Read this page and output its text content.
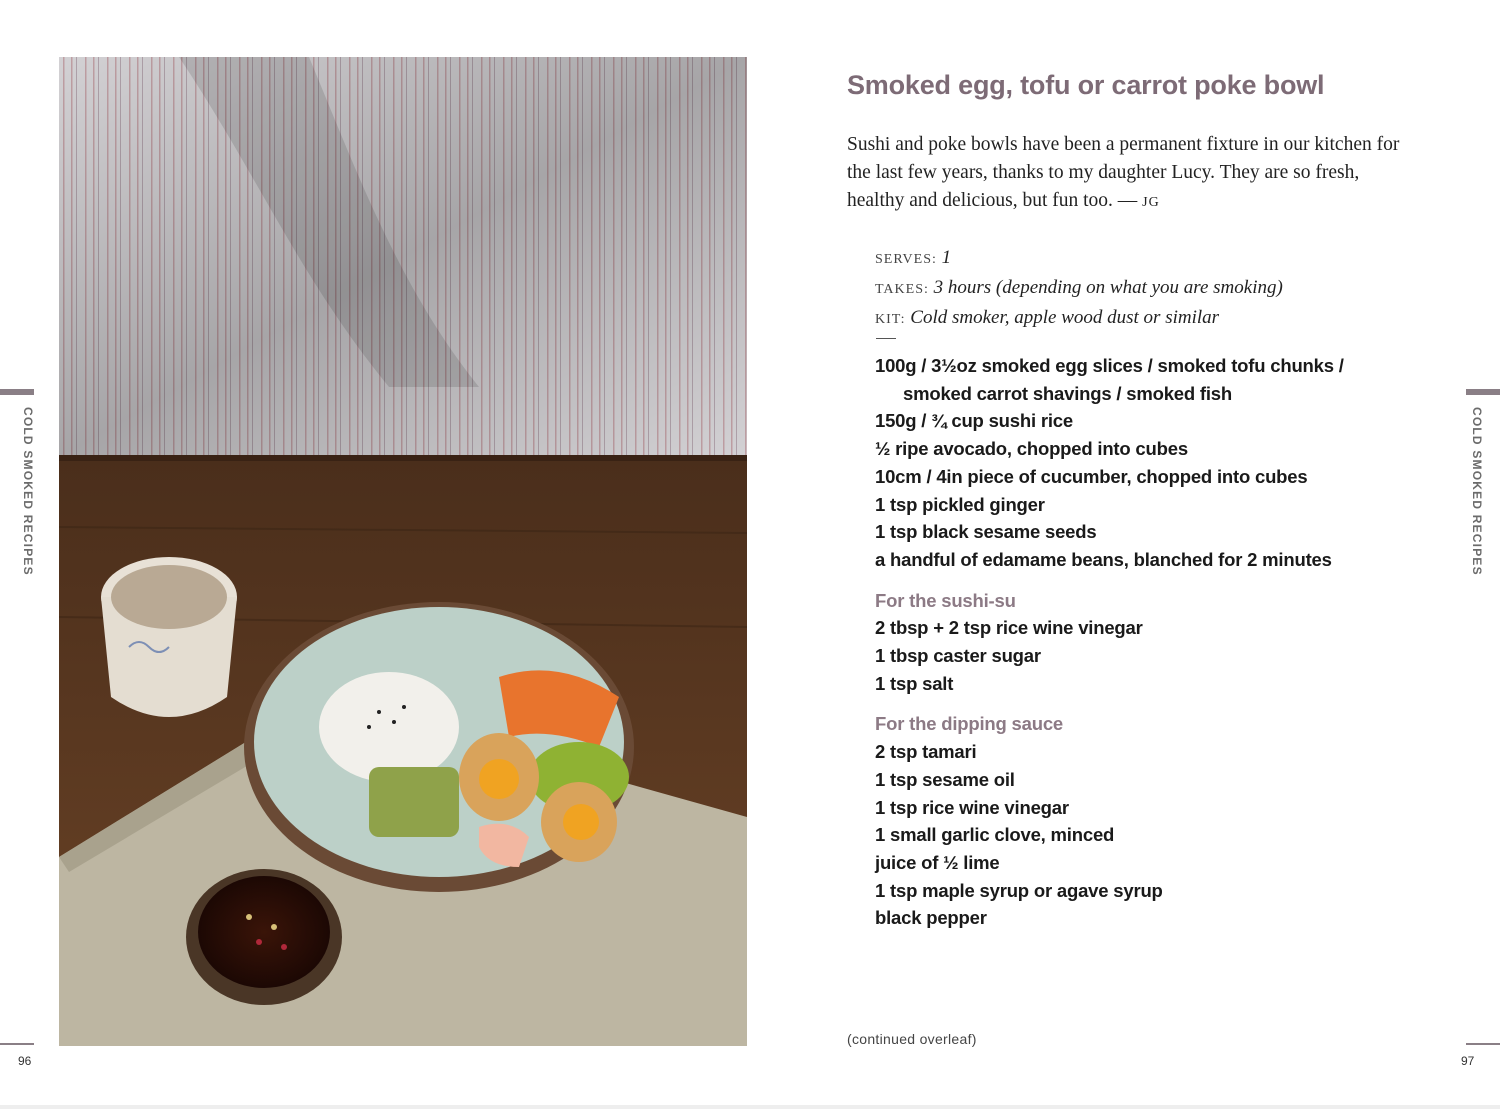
COLD SMOKED RECIPES	COLD SMOKED RECIPES
96	97
Smoked egg, tofu or carrot poke bowl
Sushi and poke bowls have been a permanent fixture in our kitchen for the last few years, thanks to my daughter Lucy. They are so fresh, healthy and delicious, but fun too. — JG
SERVES: 1
TAKES: 3 hours (depending on what you are smoking)
KIT: Cold smoker, apple wood dust or similar
100g / 3½oz smoked egg slices / smoked tofu chunks /
smoked carrot shavings / smoked fish
150g / ¾ cup sushi rice
½ ripe avocado, chopped into cubes
10cm / 4in piece of cucumber, chopped into cubes
1 tsp pickled ginger
1 tsp black sesame seeds
a handful of edamame beans, blanched for 2 minutes
For the sushi-su
2 tbsp + 2 tsp rice wine vinegar
1 tbsp caster sugar
1 tsp salt
For the dipping sauce
2 tsp tamari
1 tsp sesame oil
1 tsp rice wine vinegar
1 small garlic clove, minced
juice of ½ lime
1 tsp maple syrup or agave syrup
black pepper
(continued overleaf)
